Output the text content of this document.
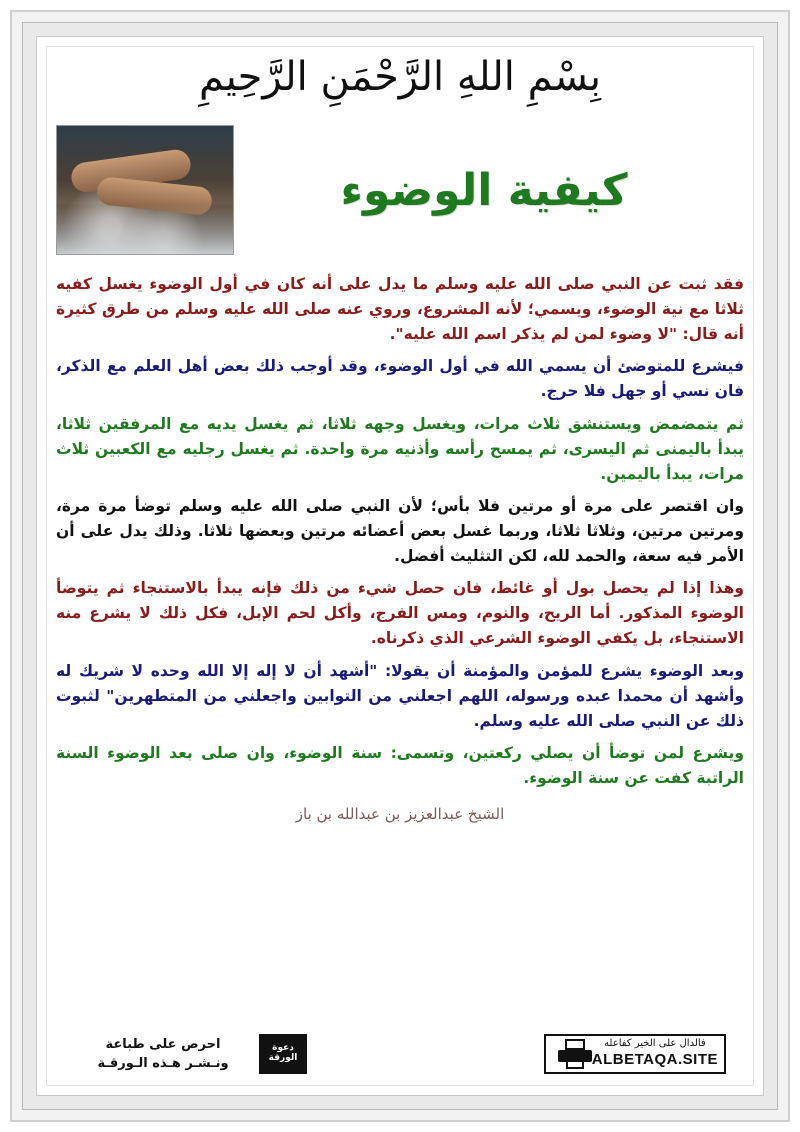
بِسْمِ اللهِ الرَّحْمَنِ الرَّحِيمِ
كيفية الوضوء

فقد ثبت عن النبي صلى الله عليه وسلم ما يدل على أنه كان في أول الوضوء يغسل كفيه ثلاثا مع نية الوضوء، ويسمي؛ لأنه المشروع، وروي عنه صلى الله عليه وسلم من طرق كثيرة أنه قال: "لا وضوء لمن لم يذكر اسم الله عليه".

فيشرع للمتوضئ أن يسمي الله في أول الوضوء، وقد أوجب ذلك بعض أهل العلم مع الذكر، فان نسي أو جهل فلا حرج.

ثم يتمضمض ويستنشق ثلاث مرات، ويغسل وجهه ثلاثا، ثم يغسل يديه مع المرفقين ثلاثا، يبدأ باليمنى ثم اليسرى، ثم يمسح رأسه وأذنيه مرة واحدة. ثم يغسل رجليه مع الكعبين ثلاث مرات، يبدأ باليمين.

وان اقتصر على مرة أو مرتين فلا بأس؛ لأن النبي صلى الله عليه وسلم توضأ مرة مرة، ومرتين مرتين، وثلاثا ثلاثا، وربما غسل بعض أعضائه مرتين وبعضها ثلاثا. وذلك يدل على أن الأمر فيه سعة، والحمد لله، لكن التثليث أفضل.

وهذا إذا لم يحصل بول أو غائط، فان حصل شيء من ذلك فإنه يبدأ بالاستنجاء ثم يتوضأ الوضوء المذكور. أما الريح، والنوم، ومس الفرج، وأكل لحم الإبل، فكل ذلك لا يشرع منه الاستنجاء، بل يكفي الوضوء الشرعي الذي ذكرناه.

وبعد الوضوء يشرع للمؤمن والمؤمنة أن يقولا: "أشهد أن لا إله إلا الله وحده لا شريك له وأشهد أن محمدا عبده ورسوله، اللهم اجعلني من التوابين واجعلني من المتطهرين" لثبوت ذلك عن النبي صلى الله عليه وسلم.

ويشرع لمن توضأ أن يصلي ركعتين، وتسمى: سنة الوضوء، وان صلى بعد الوضوء السنة الراتبة كفت عن سنة الوضوء.

الشيخ عبدالعزيز بن عبدالله بن باز
احرص على طباعة
ونـشـر هـذه الـورقـة
دعوة الورقة
فالدال على الخير كفاعله
ALBETAQA.SITE
